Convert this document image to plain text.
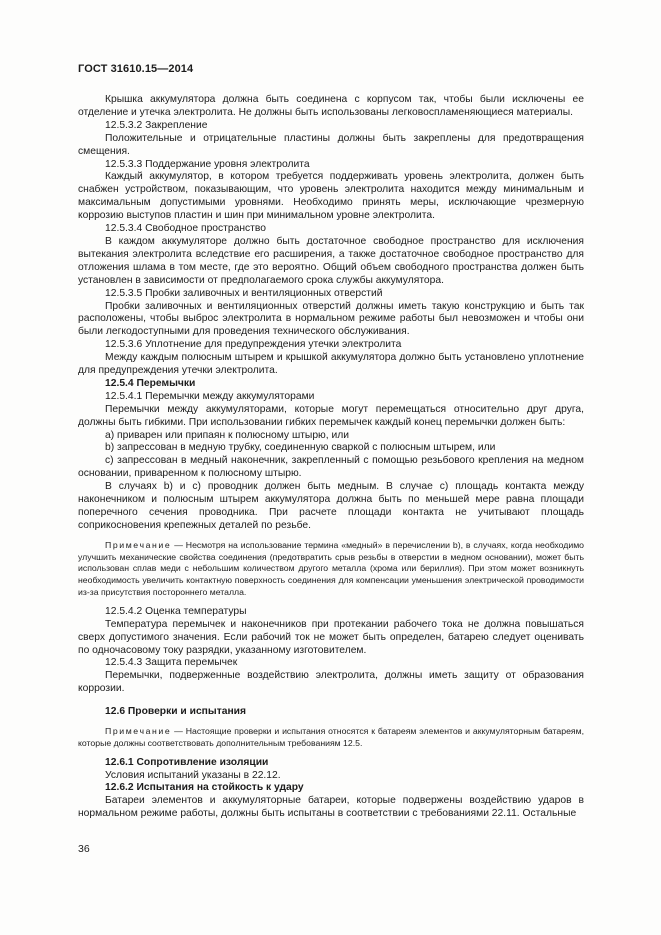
ГОСТ 31610.15—2014

Крышка аккумулятора должна быть соединена с корпусом так, чтобы были исключены ее отделение и утечка электролита. Не должны быть использованы легковоспламеняющиеся материалы.

12.5.3.2 Закрепление

Положительные и отрицательные пластины должны быть закреплены для предотвращения смещения.

12.5.3.3 Поддержание уровня электролита

Каждый аккумулятор, в котором требуется поддерживать уровень электролита, должен быть снабжен устройством, показывающим, что уровень электролита находится между минимальным и максимальным допустимыми уровнями. Необходимо принять меры, исключающие чрезмерную коррозию выступов пластин и шин при минимальном уровне электролита.

12.5.3.4 Свободное пространство

В каждом аккумуляторе должно быть достаточное свободное пространство для исключения вытекания электролита вследствие его расширения, а также достаточное свободное пространство для отложения шлама в том месте, где это вероятно. Общий объем свободного пространства должен быть установлен в зависимости от предполагаемого срока службы аккумулятора.

12.5.3.5 Пробки заливочных и вентиляционных отверстий

Пробки заливочных и вентиляционных отверстий должны иметь такую конструкцию и быть так расположены, чтобы выброс электролита в нормальном режиме работы был невозможен и чтобы они были легкодоступными для проведения технического обслуживания.

12.5.3.6 Уплотнение для предупреждения утечки электролита

Между каждым полюсным штырем и крышкой аккумулятора должно быть установлено уплотнение для предупреждения утечки электролита.

12.5.4 Перемычки

12.5.4.1 Перемычки между аккумуляторами

Перемычки между аккумуляторами, которые могут перемещаться относительно друг друга, должны быть гибкими. При использовании гибких перемычек каждый конец перемычки должен быть:

a) приварен или припаян к полюсному штырю, или

b) запрессован в медную трубку, соединенную сваркой с полюсным штырем, или

c) запрессован в медный наконечник, закрепленный с помощью резьбового крепления на медном основании, приваренном к полюсному штырю.

В случаях b) и c) проводник должен быть медным. В случае c) площадь контакта между наконечником и полюсным штырем аккумулятора должна быть по меньшей мере равна площади поперечного сечения проводника. При расчете площади контакта не учитывают площадь соприкосновения крепежных деталей по резьбе.

Примечание — Несмотря на использование термина «медный» в перечислении b), в случаях, когда необходимо улучшить механические свойства соединения (предотвратить срыв резьбы в отверстии в медном основании), может быть использован сплав меди с небольшим количеством другого металла (хрома или бериллия). При этом может возникнуть необходимость увеличить контактную поверхность соединения для компенсации уменьшения электрической проводимости из-за присутствия постороннего металла.

12.5.4.2 Оценка температуры

Температура перемычек и наконечников при протекании рабочего тока не должна повышаться сверх допустимого значения. Если рабочий ток не может быть определен, батарею следует оценивать по одночасовому току разрядки, указанному изготовителем.

12.5.4.3 Защита перемычек

Перемычки, подверженные воздействию электролита, должны иметь защиту от образования коррозии.

12.6 Проверки и испытания

Примечание — Настоящие проверки и испытания относятся к батареям элементов и аккумуляторным батареям, которые должны соответствовать дополнительным требованиям 12.5.

12.6.1 Сопротивление изоляции

Условия испытаний указаны в 22.12.

12.6.2 Испытания на стойкость к удару

Батареи элементов и аккумуляторные батареи, которые подвержены воздействию ударов в нормальном режиме работы, должны быть испытаны в соответствии с требованиями 22.11. Остальные

36
